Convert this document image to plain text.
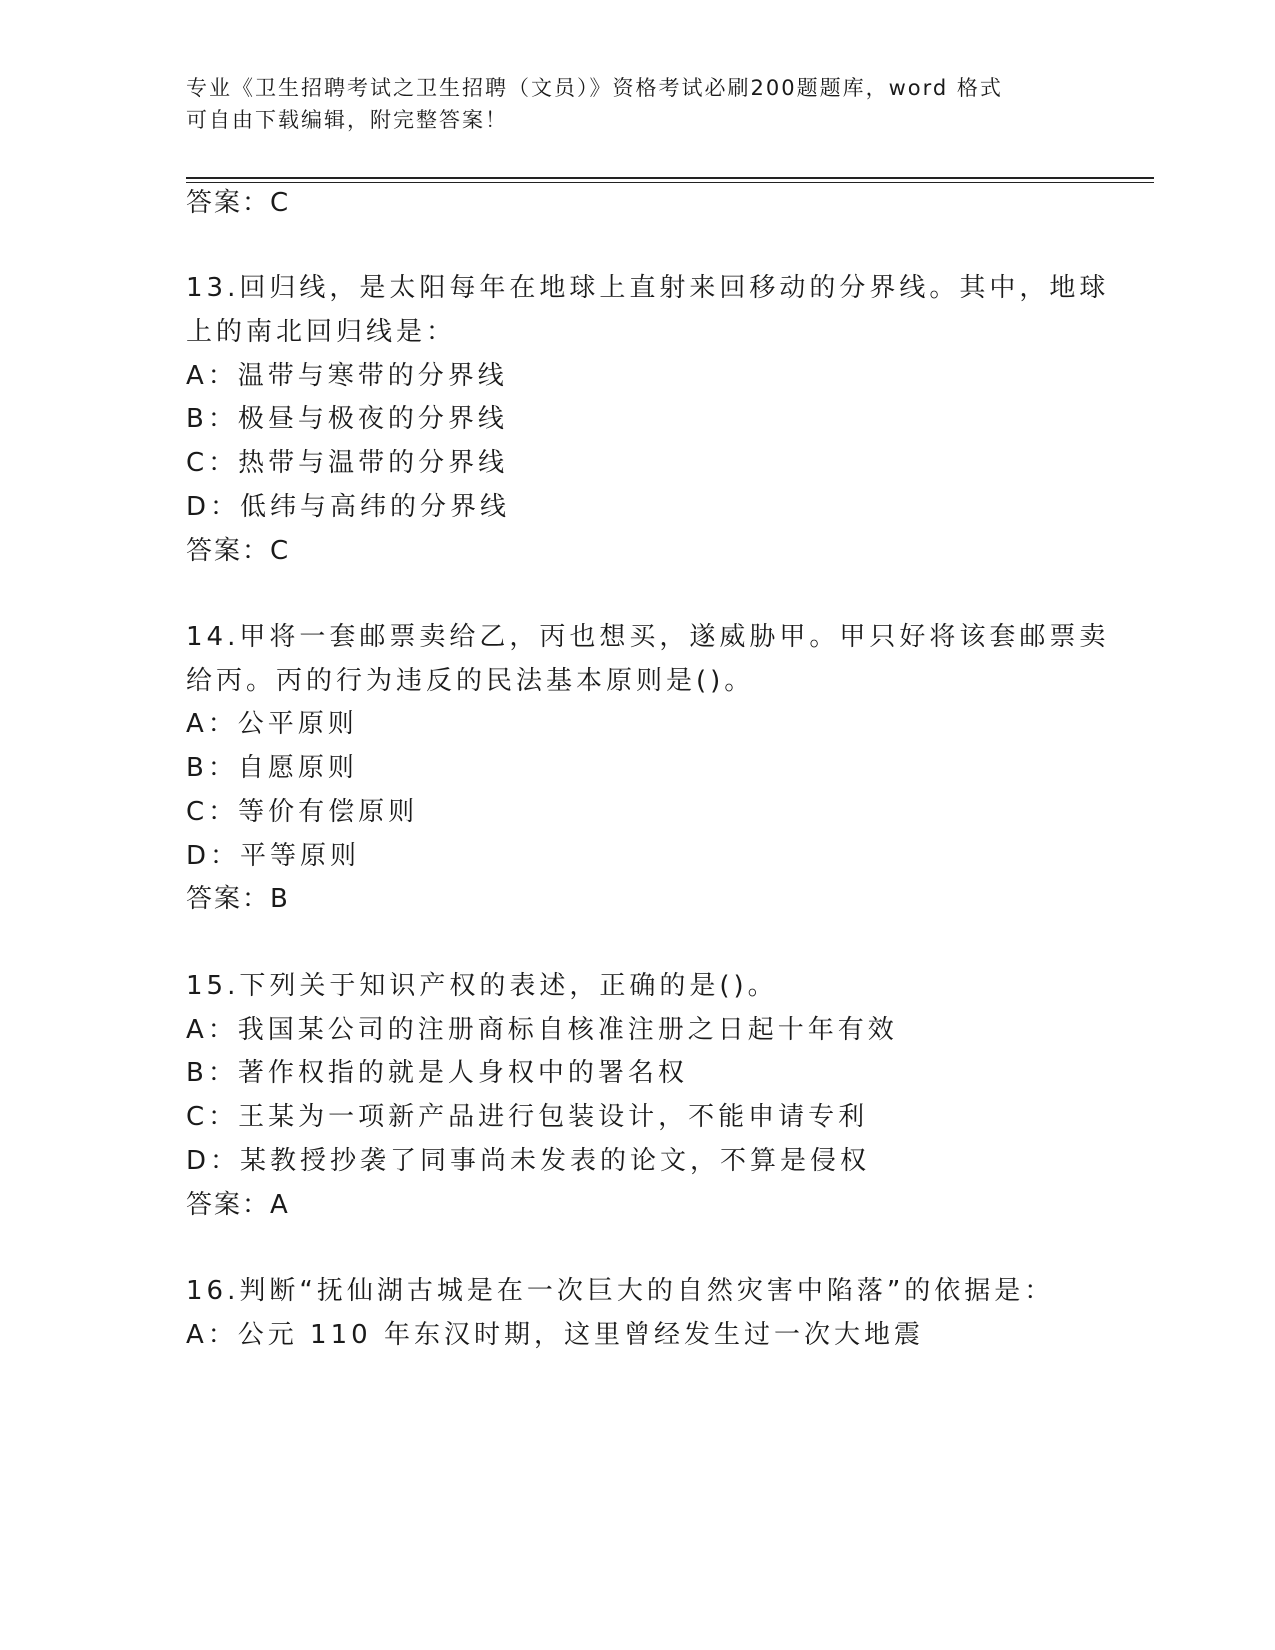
专业《卫生招聘考试之卫生招聘（文员）》资格考试必刷200题题库，word 格式
可自由下载编辑，附完整答案！
答案：C
13.回归线，是太阳每年在地球上直射来回移动的分界线。其中，地球
上的南北回归线是：
A：温带与寒带的分界线
B：极昼与极夜的分界线
C：热带与温带的分界线
D：低纬与高纬的分界线
答案：C
14.甲将一套邮票卖给乙，丙也想买，遂威胁甲。甲只好将该套邮票卖
给丙。丙的行为违反的民法基本原则是()。
A：公平原则
B：自愿原则
C：等价有偿原则
D：平等原则
答案：B
15.下列关于知识产权的表述，正确的是()。
A：我国某公司的注册商标自核准注册之日起十年有效
B：著作权指的就是人身权中的署名权
C：王某为一项新产品进行包装设计，不能申请专利
D：某教授抄袭了同事尚未发表的论文，不算是侵权
答案：A
16.判断“抚仙湖古城是在一次巨大的自然灾害中陷落”的依据是：
A：公元 110 年东汉时期，这里曾经发生过一次大地震
